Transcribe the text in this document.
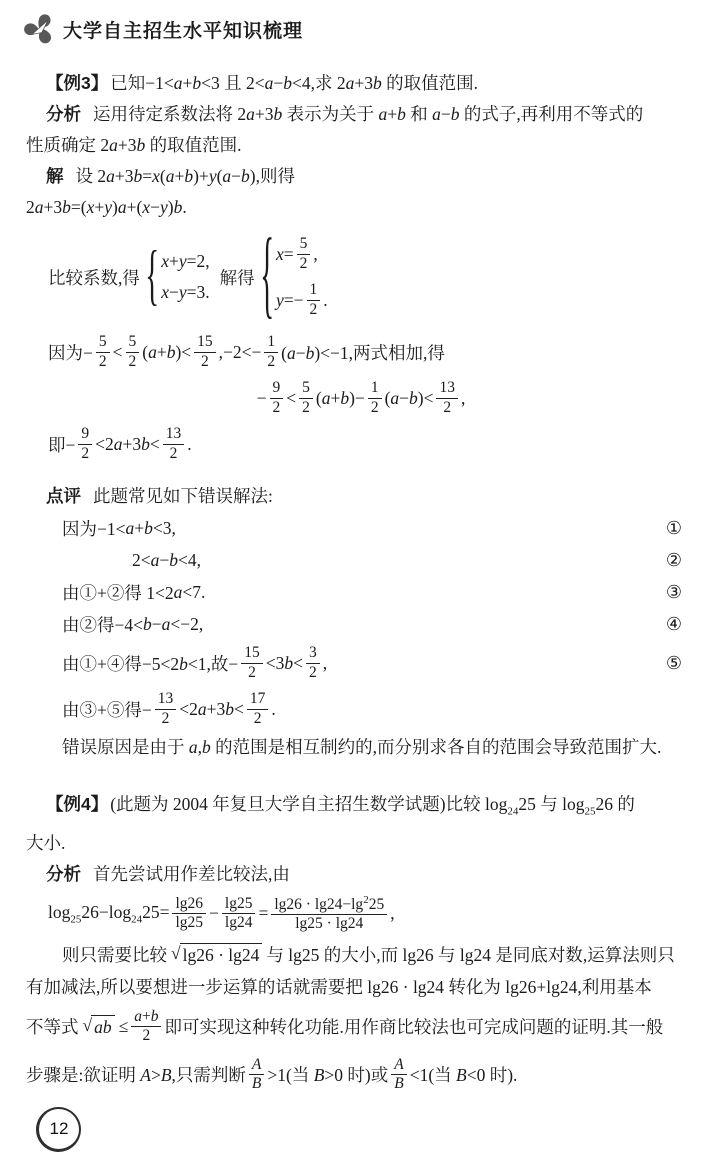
大学自主招生水平知识梳理

【例3】 已知−1<a+b<3 且 2<a−b<4,求 2a+3b 的取值范围.

分析 运用待定系数法将 2a+3b 表示为关于 a+b 和 a−b 的式子,再利用不等式的

性质确定 2a+3b 的取值范围.

解 设 2a+3b=x(a+b)+y(a−b),则得

2a+3b=(x+y)a+(x−y)b.

比较系数,得 { x+y=2,
x−y=3.
解得 { $x= \frac{5}{2}$ ,
$y=- \frac{1}{2}$ .
因为− $\frac{5}{2} < \frac{5}{2} (a+b)< \frac{15}{2} ,-2<- \frac{1}{2} (a-b)<-1$,两式相加,得
− $\frac{9}{2} < \frac{5}{2} (a+b)- \frac{1}{2} (a-b)< \frac{13}{2}$ ,
即− $\frac{9}{2} <2a+3b< \frac{13}{2}$ .

点评 此题常见如下错误解法:

因为−1< a + b <3,	①
2< a − b <4,	②
由①+②得 1<2 a <7.	③
由②得−4< b − a <−2,	④
由①+④得−5<2b<1,故− $\frac{15}{2} <3b< \frac{3}{2}$ ,	⑤
由③+⑤得− $\frac{13}{2} <2a+3b< \frac{17}{2}$ .

错误原因是由于 a,b 的范围是相互制约的,而分别求各自的范围会导致范围扩大.

【例4】 (此题为 2004 年复旦大学自主招生数学试题)比较 $\log_{24}25$ 与 $\log_{25}26$ 的

大小.

分析 首先尝试用作差比较法,由

$\log_{25}26-\log_{24}25= \frac{\lg 26}{\lg 25} - \frac{\lg 25}{\lg 24} = \frac{\lg 26 \cdot \lg 24-\lg^225}{\lg 25 \cdot \lg 24}$ ,
则只需要比较 √ lg26 · lg24 与 lg25 的大小,而 lg26 与 lg24 是同底对数,运算法则只

有加减法,所以要想进一步运算的话就需要把 lg26 · lg24 转化为 lg26+lg24,利用基本

不等式 √ ab ≤ $\frac{a+b}{2}$ 即可实现这种转化功能.用作商比较法也可完成问题的证明.其一般
步骤是:欲证明 A>B,只需判断 $\frac{A}{B} >1$(当 B>0 时)或 $\frac{A}{B} <1$(当 B<0 时).
12
